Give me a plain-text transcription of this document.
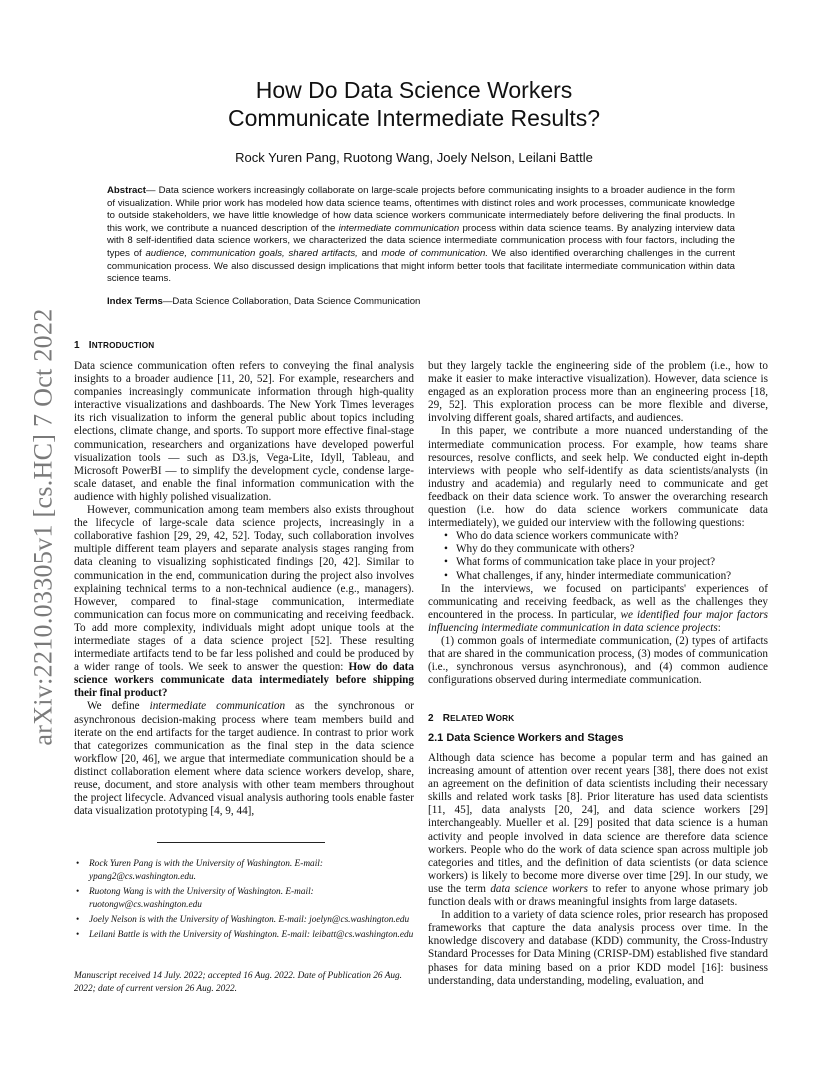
arXiv:2210.03305v1 [cs.HC] 7 Oct 2022
How Do Data Science Workers
Communicate Intermediate Results?
Rock Yuren Pang, Ruotong Wang, Joely Nelson, Leilani Battle

Abstract— Data science workers increasingly collaborate on large-scale projects before communicating insights to a broader audience in the form of visualization. While prior work has modeled how data science teams, oftentimes with distinct roles and work processes, communicate knowledge to outside stakeholders, we have little knowledge of how data science workers communicate intermediately before delivering the final products. In this work, we contribute a nuanced description of the intermediate communication process within data science teams. By analyzing interview data with 8 self-identified data science workers, we characterized the data science intermediate communication process with four factors, including the types of audience, communication goals, shared artifacts, and mode of communication. We also identified overarching challenges in the current communication process. We also discussed design implications that might inform better tools that facilitate intermediate communication within data science teams.

Index Terms—Data Science Collaboration, Data Science Communication

1 INTRODUCTION

Data science communication often refers to conveying the final analysis insights to a broader audience [11, 20, 52]. For example, researchers and companies increasingly communicate information through high-quality interactive visualizations and dashboards. The New York Times leverages its rich visualization to inform the general public about topics including elections, climate change, and sports. To support more effective final-stage communication, researchers and organizations have developed powerful visualization tools — such as D3.js, Vega-Lite, Idyll, Tableau, and Microsoft PowerBI — to simplify the development cycle, condense large-scale dataset, and enable the final information communication with the audience with highly polished visualization.

However, communication among team members also exists throughout the lifecycle of large-scale data science projects, increasingly in a collaborative fashion [29, 29, 42, 52]. Today, such collaboration involves multiple different team players and separate analysis stages ranging from data cleaning to visualizing sophisticated findings [20, 42]. Similar to communication in the end, communication during the project also involves explaining technical terms to a non-technical audience (e.g., managers). However, compared to final-stage communication, intermediate communication can focus more on communicating and receiving feedback. To add more complexity, individuals might adopt unique tools at the intermediate stages of a data science project [52]. These resulting intermediate artifacts tend to be far less polished and could be produced by a wider range of tools. We seek to answer the question: How do data science workers communicate data intermediately before shipping their final product?

We define intermediate communication as the synchronous or asynchronous decision-making process where team members build and iterate on the end artifacts for the target audience. In contrast to prior work that categorizes communication as the final step in the data science workflow [20, 46], we argue that intermediate communication should be a distinct collaboration element where data science workers develop, share, reuse, document, and store analysis with other team members throughout the project lifecycle. Advanced visual analysis authoring tools enable faster data visualization prototyping [4, 9, 44],

• Rock Yuren Pang is with the University of Washington. E-mail: ypang2@cs.washington.edu.
• Ruotong Wang is with the University of Washington. E-mail: ruotongw@cs.washington.edu
• Joely Nelson is with the University of Washington. E-mail: joelyn@cs.washington.edu
• Leilani Battle is with the University of Washington. E-mail: leibatt@cs.washington.edu

Manuscript received 14 July. 2022; accepted 16 Aug. 2022. Date of Publication 26 Aug. 2022; date of current version 26 Aug. 2022.

but they largely tackle the engineering side of the problem (i.e., how to make it easier to make interactive visualization). However, data science is engaged as an exploration process more than an engineering process [18, 29, 52]. This exploration process can be more flexible and diverse, involving different goals, shared artifacts, and audiences.

In this paper, we contribute a more nuanced understanding of the intermediate communication process. For example, how teams share resources, resolve conflicts, and seek help. We conducted eight in-depth interviews with people who self-identify as data scientists/analysts (in industry and academia) and regularly need to communicate and get feedback on their data science work. To answer the overarching research question (i.e. how do data science workers communicate data intermediately), we guided our interview with the following questions:

• Who do data science workers communicate with?
• Why do they communicate with others?
• What forms of communication take place in your project?
• What challenges, if any, hinder intermediate communication?

In the interviews, we focused on participants' experiences of communicating and receiving feedback, as well as the challenges they encountered in the process. In particular, we identified four major factors influencing intermediate communication in data science projects:

(1) common goals of intermediate communication, (2) types of artifacts that are shared in the communication process, (3) modes of communication (i.e., synchronous versus asynchronous), and (4) common audience configurations observed during intermediate communication.

2 RELATED WORK
2.1 Data Science Workers and Stages

Although data science has become a popular term and has gained an increasing amount of attention over recent years [38], there does not exist an agreement on the definition of data scientists including their necessary skills and related work tasks [8]. Prior literature has used data scientists [11, 45], data analysts [20, 24], and data science workers [29] interchangeably. Mueller et al. [29] posited that data science is a human activity and people involved in data science are therefore data science workers. People who do the work of data science span across multiple job categories and titles, and the definition of data scientists (or data science workers) is likely to become more diverse over time [29]. In our study, we use the term data science workers to refer to anyone whose primary job function deals with or draws meaningful insights from large datasets.

In addition to a variety of data science roles, prior research has proposed frameworks that capture the data analysis process over time. In the knowledge discovery and database (KDD) community, the Cross-Industry Standard Processes for Data Mining (CRISP-DM) established five standard phases for data mining based on a prior KDD model [16]: business understanding, data understanding, modeling, evaluation, and
